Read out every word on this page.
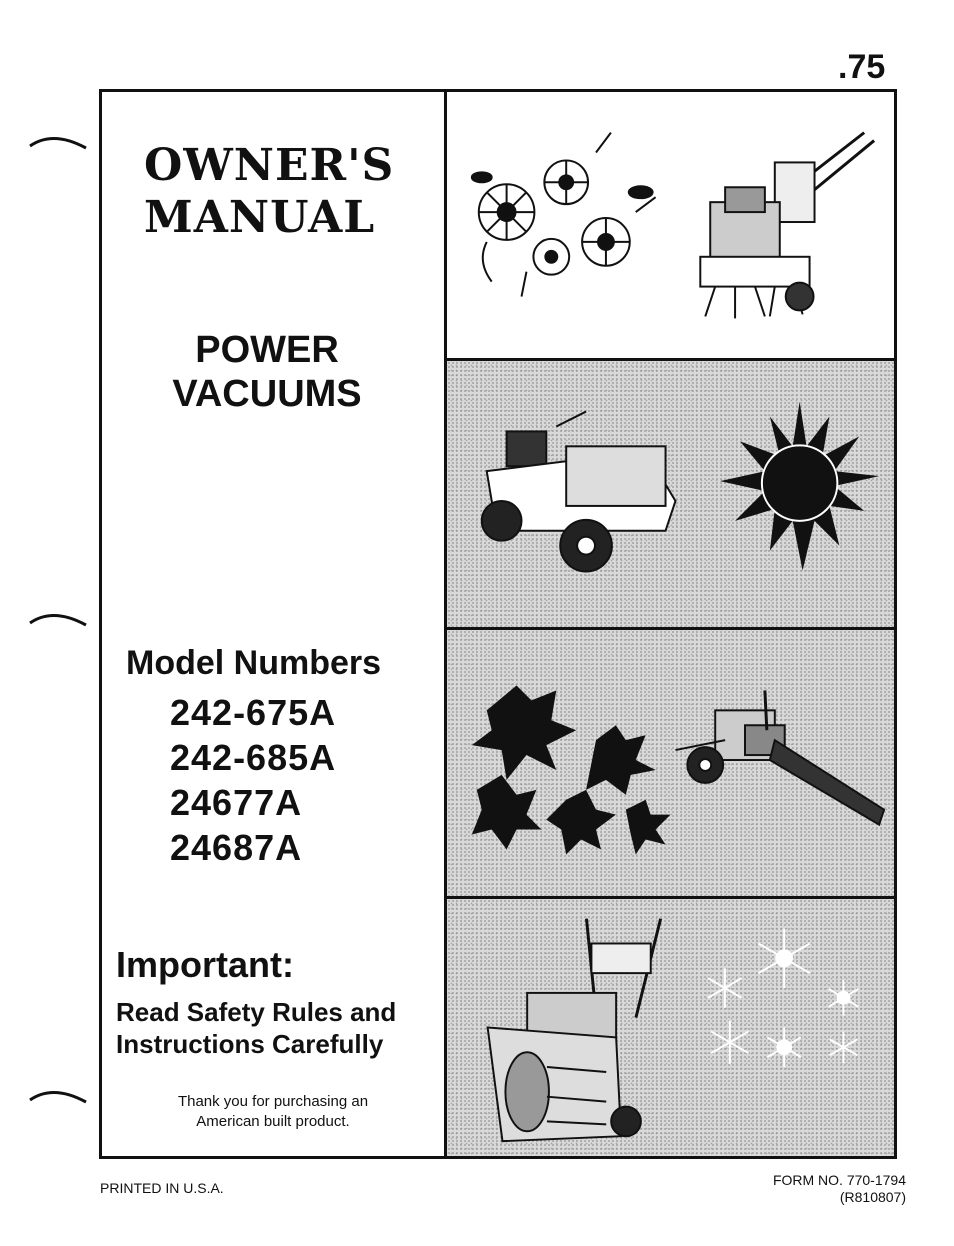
.75
OWNER'S
MANUAL
POWER
VACUUMS
Model Numbers
242-675A
242-685A
24677A
24687A
Important:
Read Safety Rules and
Instructions Carefully
Thank you for purchasing an
American built product.
PRINTED IN U.S.A.	FORM NO. 770-1794
(R810807)
